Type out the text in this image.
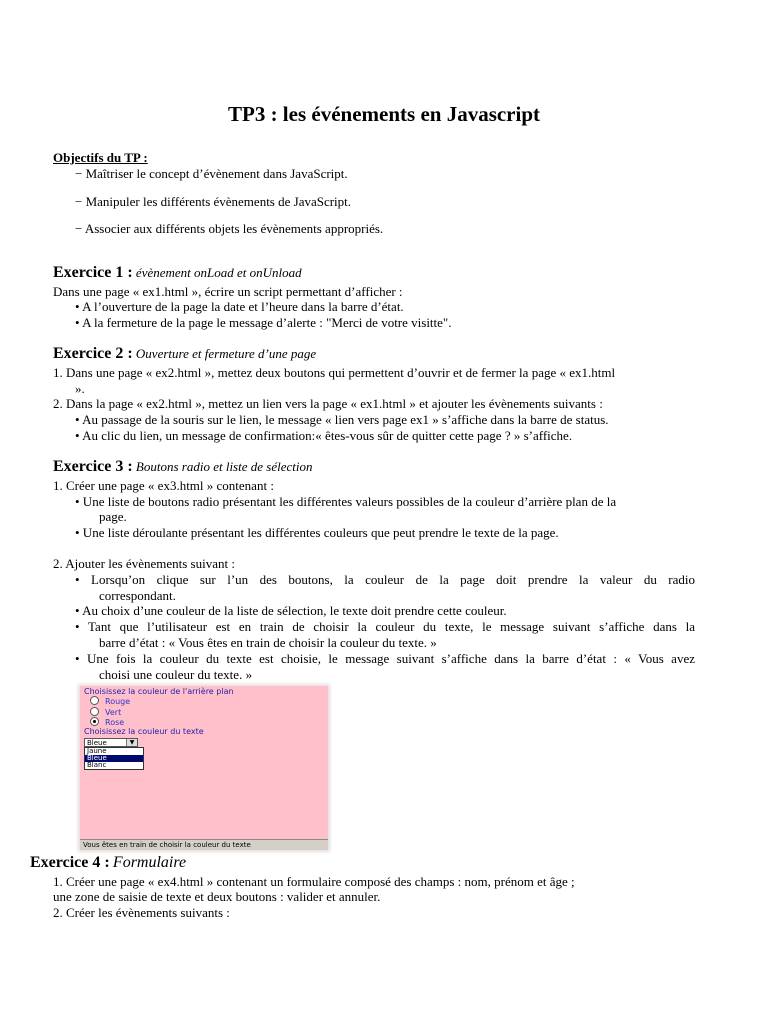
TP3 : les événements en Javascript
Objectifs du TP :
− Maîtriser le concept d’évènement dans JavaScript.
− Manipuler les différents évènements de JavaScript.
− Associer aux différents objets les évènements appropriés.
Exercice 1 : évènement onLoad et onUnload
Dans une page « ex1.html », écrire un script permettant d’afficher :
• A l’ouverture de la page la date et l’heure dans la barre d’état.
• A la fermeture de la page le message d’alerte : "Merci de votre visitte".
Exercice 2 : Ouverture et fermeture d’une page
1. Dans une page « ex2.html », mettez deux boutons qui permettent d’ouvrir et de fermer la page « ex1.html
».
2. Dans la page « ex2.html », mettez un lien vers la page « ex1.html » et ajouter les évènements suivants :
• Au passage de la souris sur le lien, le message « lien vers page ex1 » s’affiche dans la barre de status.
• Au clic du lien, un message de confirmation:« êtes-vous sûr de quitter cette page ? » s’affiche.
Exercice 3 : Boutons radio et liste de sélection
1. Créer une page « ex3.html » contenant :
• Une liste de boutons radio présentant les différentes valeurs possibles de la couleur d’arrière plan de la
page.
• Une liste déroulante présentant les différentes couleurs que peut prendre le texte de la page.
2. Ajouter les évènements suivant :
• Lorsqu’on clique sur l’un des boutons, la couleur de la page doit prendre la valeur du radio
correspondant.
• Au choix d’une couleur de la liste de sélection, le texte doit prendre cette couleur.
• Tant que l’utilisateur est en train de choisir la couleur du texte, le message suivant s’affiche dans la
barre d’état : « Vous êtes en train de choisir la couleur du texte. »
• Une fois la couleur du texte est choisie, le message suivant s’affiche dans la barre d’état : « Vous avez
choisi une couleur du texte. »
Choisissez la couleur de l'arrière plan
Rouge
Vert
Rose
Choisissez la couleur du texte
Bleue	▼
Jaune
Bleue
Blanc
Vous êtes en train de choisir la couleur du texte
Exercice 4 : Formulaire
1. Créer une page « ex4.html » contenant un formulaire composé des champs : nom, prénom et âge ;
une zone de saisie de texte et deux boutons : valider et annuler.
2. Créer les évènements suivants :
